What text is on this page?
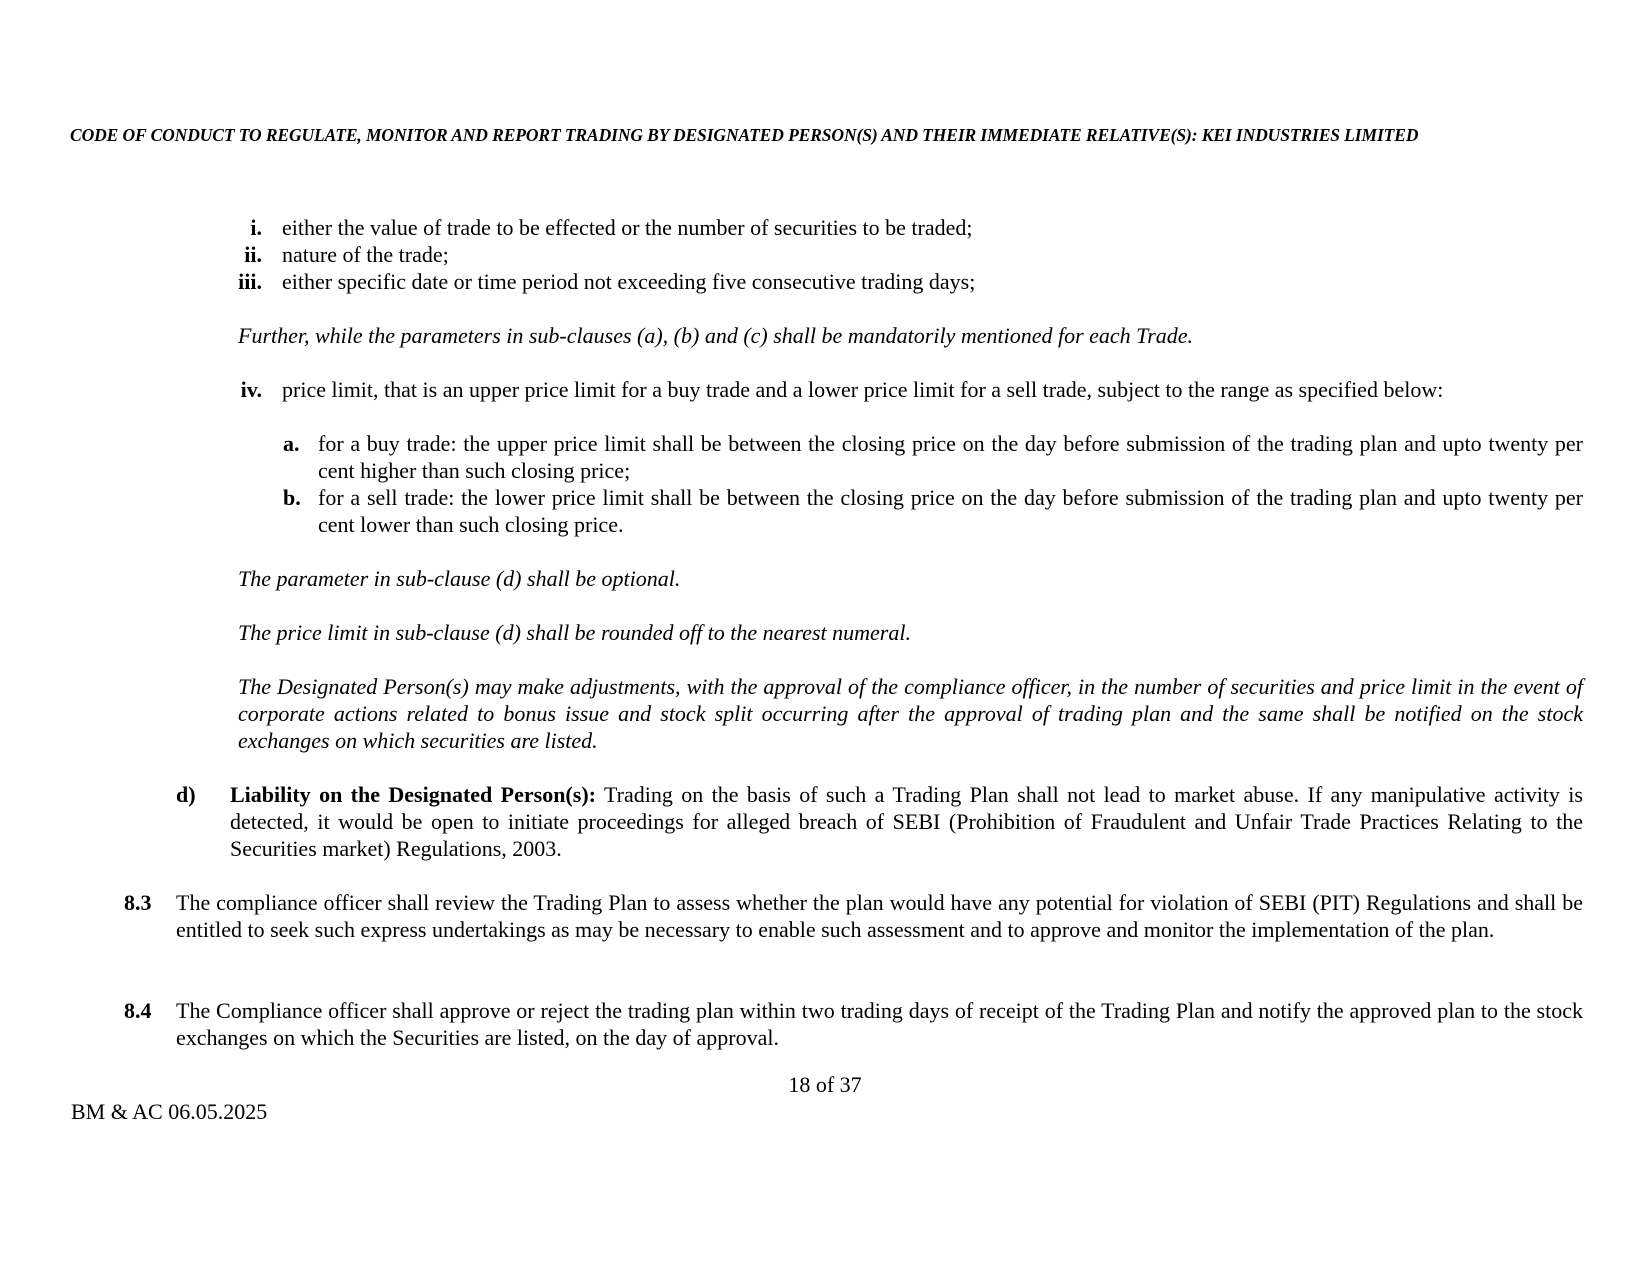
CODE OF CONDUCT TO REGULATE, MONITOR AND REPORT TRADING BY DESIGNATED PERSON(S) AND THEIR IMMEDIATE RELATIVE(S): KEI INDUSTRIES LIMITED
i. either the value of trade to be effected or the number of securities to be traded;
ii. nature of the trade;
iii. either specific date or time period not exceeding five consecutive trading days;
Further, while the parameters in sub-clauses (a), (b) and (c) shall be mandatorily mentioned for each Trade.
iv. price limit, that is an upper price limit for a buy trade and a lower price limit for a sell trade, subject to the range as specified below:
a. for a buy trade: the upper price limit shall be between the closing price on the day before submission of the trading plan and upto twenty per cent higher than such closing price;
b. for a sell trade: the lower price limit shall be between the closing price on the day before submission of the trading plan and upto twenty per cent lower than such closing price.
The parameter in sub-clause (d) shall be optional.
The price limit in sub-clause (d) shall be rounded off to the nearest numeral.
The Designated Person(s) may make adjustments, with the approval of the compliance officer, in the number of securities and price limit in the event of corporate actions related to bonus issue and stock split occurring after the approval of trading plan and the same shall be notified on the stock exchanges on which securities are listed.
d) Liability on the Designated Person(s): Trading on the basis of such a Trading Plan shall not lead to market abuse. If any manipulative activity is detected, it would be open to initiate proceedings for alleged breach of SEBI (Prohibition of Fraudulent and Unfair Trade Practices Relating to the Securities market) Regulations, 2003.
8.3 The compliance officer shall review the Trading Plan to assess whether the plan would have any potential for violation of SEBI (PIT) Regulations and shall be entitled to seek such express undertakings as may be necessary to enable such assessment and to approve and monitor the implementation of the plan.
8.4 The Compliance officer shall approve or reject the trading plan within two trading days of receipt of the Trading Plan and notify the approved plan to the stock exchanges on which the Securities are listed, on the day of approval.
18 of 37
BM & AC 06.05.2025
